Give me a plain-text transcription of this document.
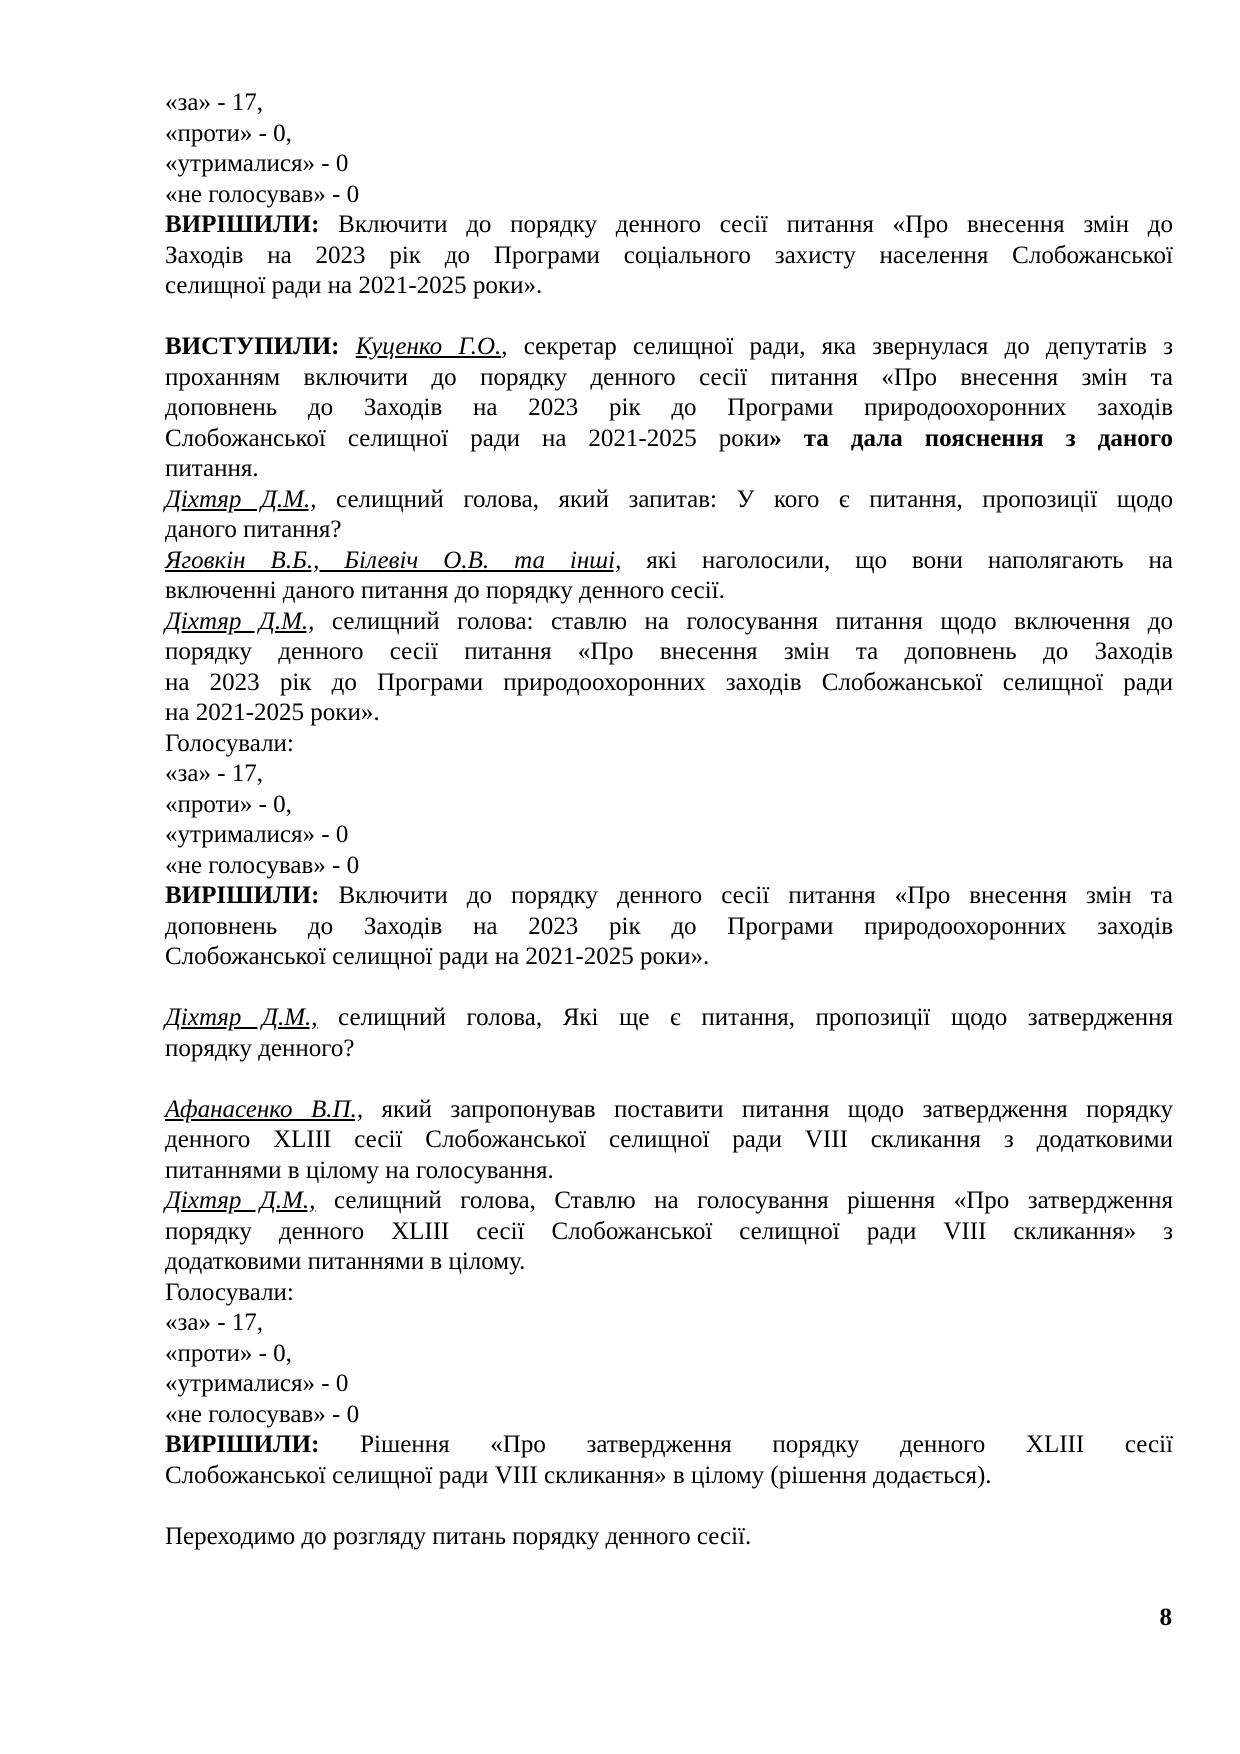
«за» - 17,
«проти» - 0,
«утрималися» - 0
«не голосував» - 0
ВИРІШИЛИ: Включити до порядку денного сесії питання «Про внесення змін до
Заходів на 2023 рік до Програми соціального захисту населення Слобожанської
селищної ради на 2021-2025 роки».
ВИСТУПИЛИ: Куценко Г.О., секретар селищної ради, яка звернулася до депутатів з
проханням включити до порядку денного сесії питання «Про внесення змін та
доповнень до Заходів на 2023 рік до Програми природоохоронних заходів
Слобожанської селищної ради на 2021-2025 роки» та дала пояснення з даного
питання.
Діхтяр Д.М., селищний голова, який запитав: У кого є питання, пропозиції щодо
даного питання?
Яговкін В.Б., Білевіч О.В. та інші, які наголосили, що вони наполягають на
включенні даного питання до порядку денного сесії.
Діхтяр Д.М., селищний голова: ставлю на голосування питання щодо включення до
порядку денного сесії питання «Про внесення змін та доповнень до Заходів
на 2023 рік до Програми природоохоронних заходів Слобожанської селищної ради
на 2021-2025 роки».
Голосували:
«за» - 17,
«проти» - 0,
«утрималися» - 0
«не голосував» - 0
ВИРІШИЛИ: Включити до порядку денного сесії питання «Про внесення змін та
доповнень до Заходів на 2023 рік до Програми природоохоронних заходів
Слобожанської селищної ради на 2021-2025 роки».
Діхтяр Д.М., селищний голова, Які ще є питання, пропозиції щодо затвердження
порядку денного?
Афанасенко В.П., який запропонував поставити питання щодо затвердження порядку
денного XLIII сесії Слобожанської селищної ради VIII скликання з додатковими
питаннями в цілому на голосування.
Діхтяр Д.М., селищний голова, Ставлю на голосування рішення «Про затвердження
порядку денного XLIII сесії Слобожанської селищної ради VIII скликання» з
додатковими питаннями в цілому.
Голосували:
«за» - 17,
«проти» - 0,
«утрималися» - 0
«не голосував» - 0
ВИРІШИЛИ: Рішення «Про затвердження порядку денного XLIII сесії
Слобожанської селищної ради VIII скликання» в цілому (рішення додається).
Переходимо до розгляду питань порядку денного сесії.
8
